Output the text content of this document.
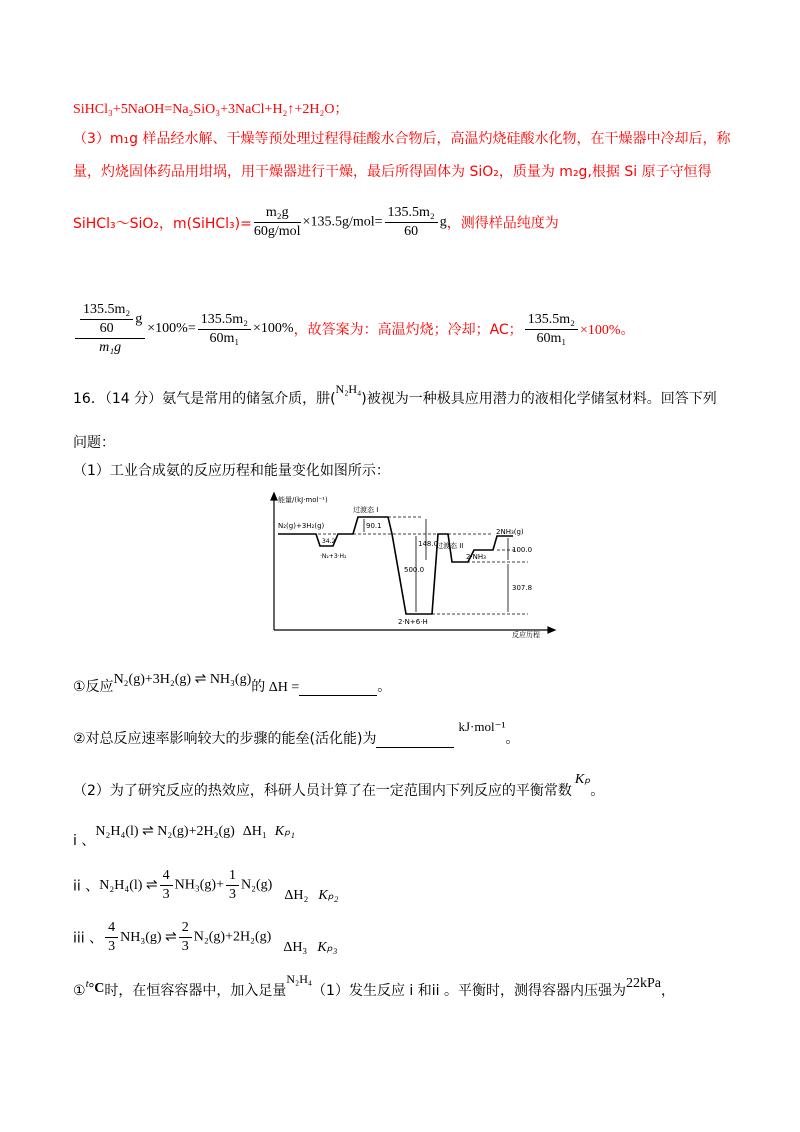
SiHCl₃+5NaOH=Na₂SiO₃+3NaCl+H₂↑+2H₂O；
（3）m₁g 样品经水解、干燥等预处理过程得硅酸水合物后，高温灼烧硅酸水化物，在干燥器中冷却后，称
量，灼烧固体药品用坩埚，用干燥器进行干燥，最后所得固体为 SiO₂，质量为 m₂g,根据 Si 原子守恒得
SiHCl₃～SiO₂，m(SiHCl₃)= $\frac{\text{m₂g}}{\text{60g/mol}} \times 135.5g/mol= \frac{\text{135.5m₂}}{60}$ g，测得样品纯度为
$\frac{\frac{\text{135.5m₂}}{60} g}{\text{m₁g}} \times 100\%= \frac{\text{135.5m₂}}{\text{60m₁}} \times 100\%$，故答案为：高温灼烧；冷却；AC； $\frac{\text{135.5m₂}}{\text{60m₁}} \times 100\%$。
16．（14 分）氨气是常用的储氢介质，肼(N₂H₄)被视为一种极具应用潜力的液相化学储氢材料。回答下列
问题：
（1）工业合成氨的反应历程和能量变化如图所示：
能量/(kJ·mol⁻¹)
N₂(g)+3H₂(g)
·N₂+3·H₂
过渡态 I
90.1
148.0
500.0
2·N+6·H
过渡态 II
2·NH₃
2NH₃(g)
100.0
307.8
34.2
反应历程
①反应N₂(g)+3H₂(g) ⇌ NH₃(g)的 ΔH =	。
②对总反应速率影响较大的步骤的能垒(活化能)为kJ·mol⁻¹。
（2）为了研究反应的热效应，科研人员计算了在一定范围内下列反应的平衡常数Kₚ。
i 、N₂H₄(l) ⇌ N₂(g)+2H₂(g) ΔH₁ Kₚ₁
ii 、N₂H₄(l) ⇌ $\frac{4}{3} NH_3(g)+ \frac{1}{3} N_2(g)\Delta H_2$ Kₚ₂
iii 、 $\frac{4}{3} NH_3(g)$ ⇌ $\frac{2}{3} N_2(g)+2H_2(g)\Delta H_3$ Kₚ₃
①$^t$°C时，在恒容容器中，加入足量N₂H₄（1）发生反应 i 和ii 。平衡时，测得容器内压强为22kPa，
